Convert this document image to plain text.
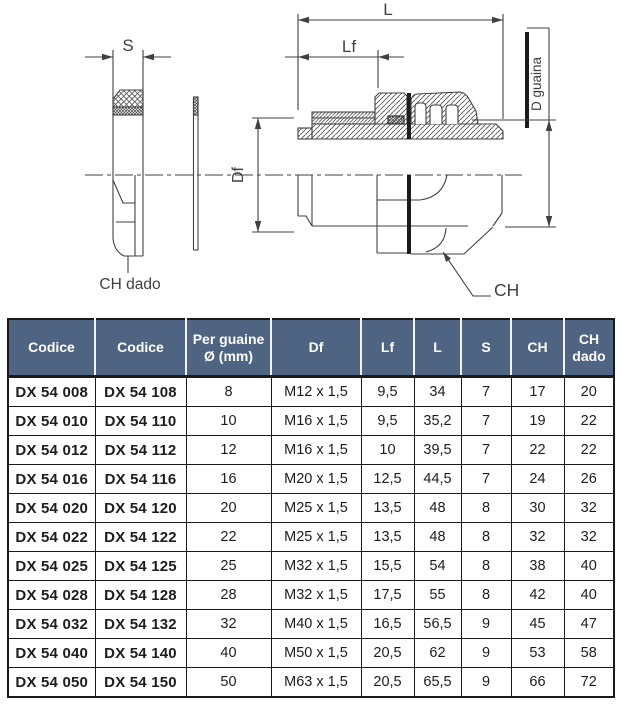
S
L
Lf
Df
D guaina
CH
CH dado
Codice	Codice	Per guaine Ø (mm)	Df	Lf	L	S	CH	CH dado
DX 54 008	DX 54 108	8	M12 x 1,5	9,5	34	7	17	20
DX 54 010	DX 54 110	10	M16 x 1,5	9,5	35,2	7	19	22
DX 54 012	DX 54 112	12	M16 x 1,5	10	39,5	7	22	22
DX 54 016	DX 54 116	16	M20 x 1,5	12,5	44,5	7	24	26
DX 54 020	DX 54 120	20	M25 x 1,5	13,5	48	8	30	32
DX 54 022	DX 54 122	22	M25 x 1,5	13,5	48	8	32	32
DX 54 025	DX 54 125	25	M32 x 1,5	15,5	54	8	38	40
DX 54 028	DX 54 128	28	M32 x 1,5	17,5	55	8	42	40
DX 54 032	DX 54 132	32	M40 x 1,5	16,5	56,5	9	45	47
DX 54 040	DX 54 140	40	M50 x 1,5	20,5	62	9	53	58
DX 54 050	DX 54 150	50	M63 x 1,5	20,5	65,5	9	66	72
